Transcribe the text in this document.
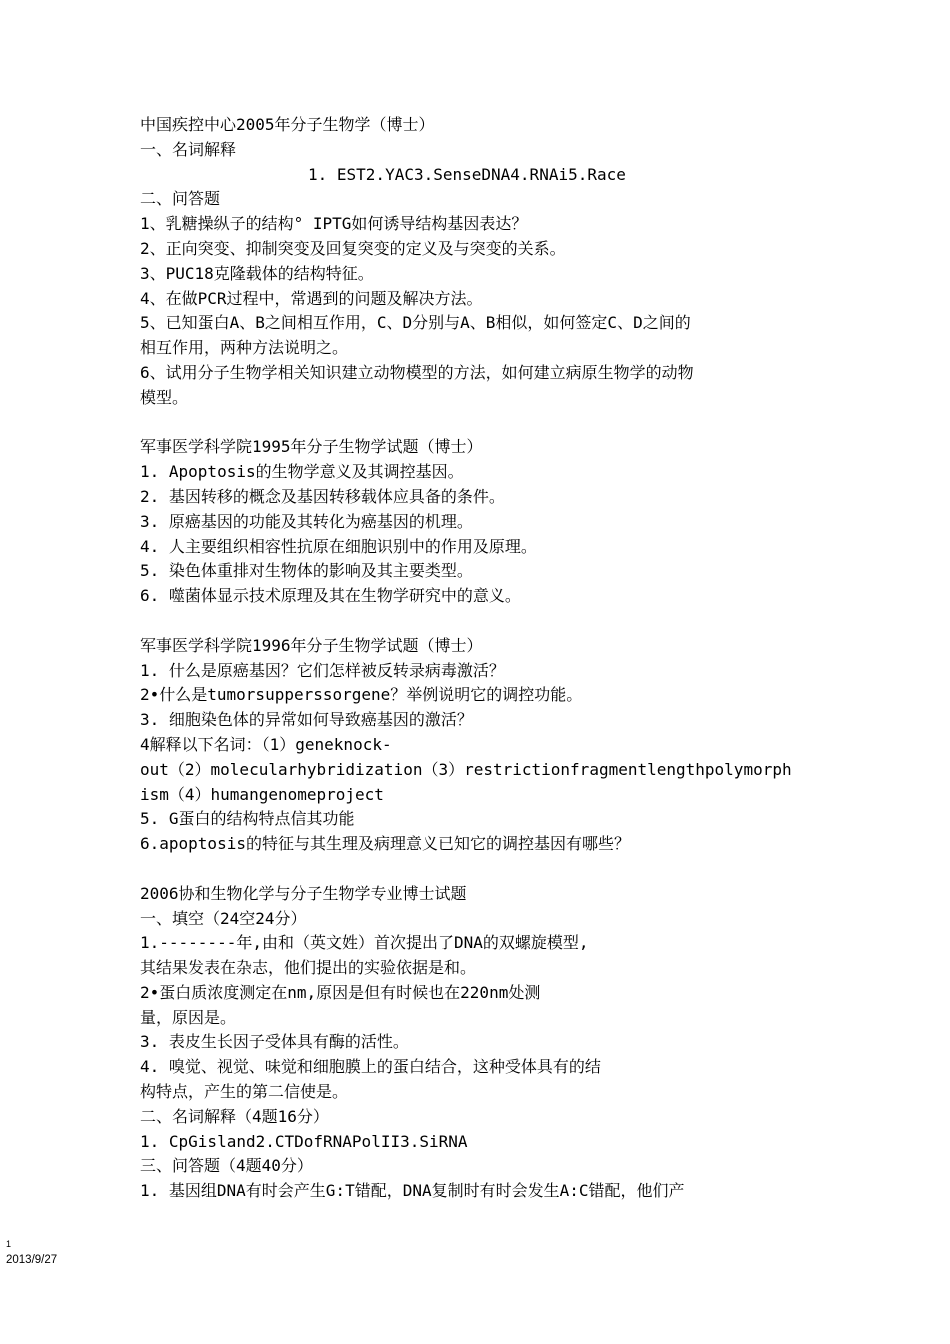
中国疾控中心2005年分子生物学（博士）
一、名词解释
1. EST2.YAC3.SenseDNA4.RNAi5.Race
二、问答题
1、乳糖操纵子的结构° IPTG如何诱导结构基因表达？
2、正向突变、抑制突变及回复突变的定义及与突变的关系。
3、PUC18克隆载体的结构特征。
4、在做PCR过程中，常遇到的问题及解决方法。
5、已知蛋白A、B之间相互作用，C、D分别与A、B相似，如何签定C、D之间的
相互作用，两种方法说明之。
6、试用分子生物学相关知识建立动物模型的方法，如何建立病原生物学的动物
模型。
军事医学科学院1995年分子生物学试题（博士）
1. Apoptosis的生物学意义及其调控基因。
2. 基因转移的概念及基因转移载体应具备的条件。
3. 原癌基因的功能及其转化为癌基因的机理。
4. 人主要组织相容性抗原在细胞识别中的作用及原理。
5. 染色体重排对生物体的影响及其主要类型。
6. 噬菌体显示技术原理及其在生物学研究中的意义。
军事医学科学院1996年分子生物学试题（博士）
1. 什么是原癌基因？它们怎样被反转录病毒激活？
2•什么是tumorsupperssorgene？举例说明它的调控功能。
3. 细胞染色体的异常如何导致癌基因的激活？
4解释以下名词：（1）geneknock-
out（2）molecularhybridization（3）restrictionfragmentlengthpolymorph
ism（4）humangenomeproject
5. G蛋白的结构特点信其功能
6.apoptosis的特征与其生理及病理意义已知它的调控基因有哪些？
2006协和生物化学与分子生物学专业博士试题
一、填空（24空24分）
1.--------年,由和（英文姓）首次提出了DNA的双螺旋模型,
其结果发表在杂志，他们提出的实验依据是和。
2•蛋白质浓度测定在nm,原因是但有时候也在220nm处测
量，原因是。
3. 表皮生长因子受体具有酶的活性。
4. 嗅觉、视觉、味觉和细胞膜上的蛋白结合，这种受体具有的结
构特点，产生的第二信使是。
二、名词解释（4题16分）
1. CpGisland2.CTDofRNAPolII3.SiRNA
三、问答题（4题40分）
1. 基因组DNA有时会产生G:T错配，DNA复制时有时会发生A:C错配，他们产
1
2013/9/27
